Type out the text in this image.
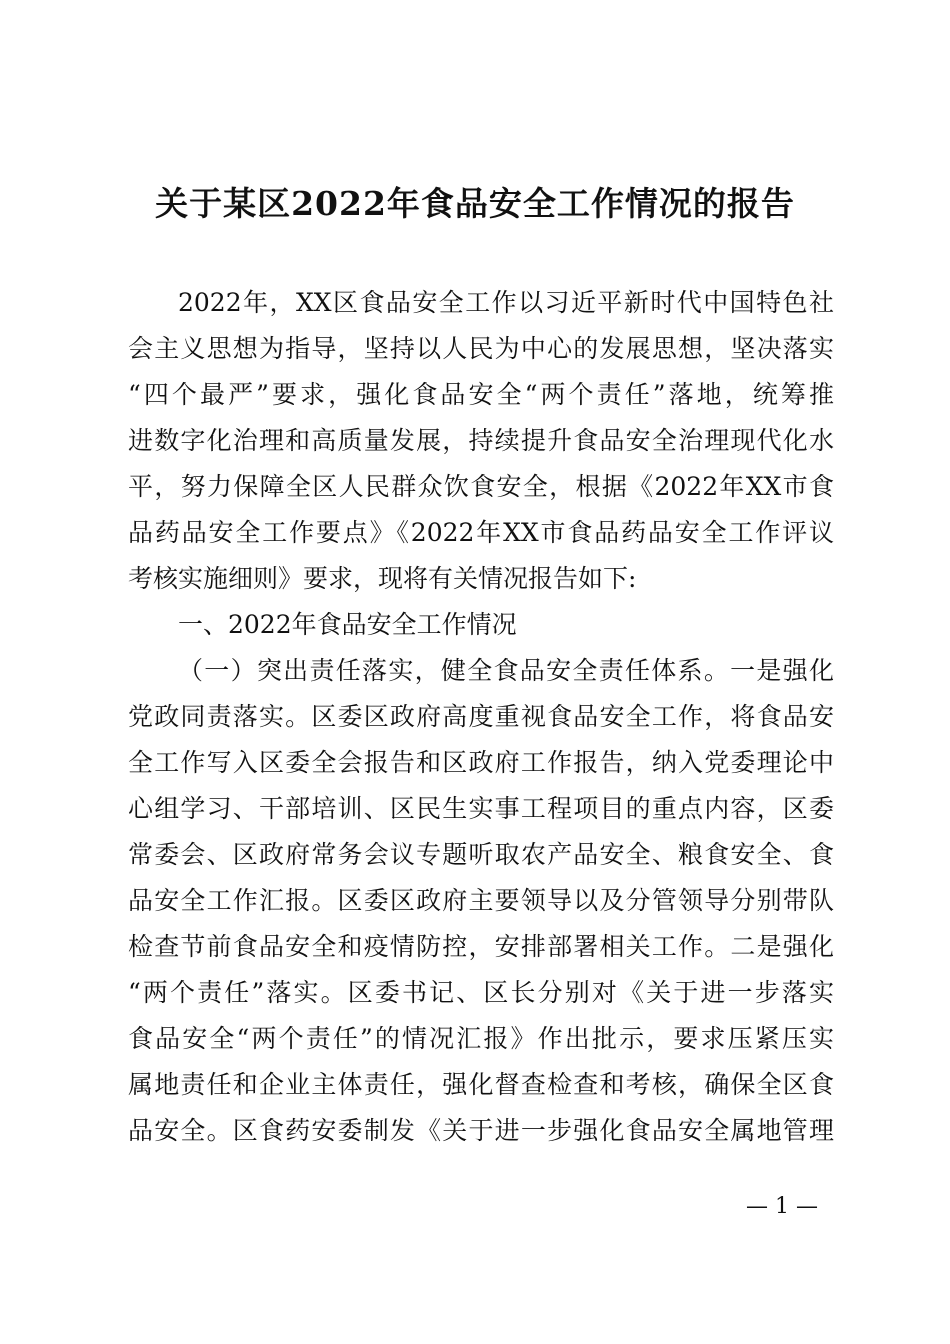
关于某区2022年食品安全工作情况的报告
2022年，XX区食品安全工作以习近平新时代中国特色社
会主义思想为指导，坚持以人民为中心的发展思想，坚决落实
“四个最严”要求，强化食品安全“两个责任”落地，统筹推
进数字化治理和高质量发展，持续提升食品安全治理现代化水
平，努力保障全区人民群众饮食安全，根据《2022年XX市食
品药品安全工作要点》《2022年XX市食品药品安全工作评议
考核实施细则》要求，现将有关情况报告如下:
一、2022年食品安全工作情况
（一）突出责任落实，健全食品安全责任体系。一是强化
党政同责落实。区委区政府高度重视食品安全工作，将食品安
全工作写入区委全会报告和区政府工作报告，纳入党委理论中
心组学习、干部培训、区民生实事工程项目的重点内容，区委
常委会、区政府常务会议专题听取农产品安全、粮食安全、食
品安全工作汇报。区委区政府主要领导以及分管领导分别带队
检查节前食品安全和疫情防控，安排部署相关工作。二是强化
“两个责任”落实。区委书记、区长分别对《关于进一步落实
食品安全“两个责任”的情况汇报》作出批示，要求压紧压实
属地责任和企业主体责任，强化督查检查和考核，确保全区食
品安全。区食药安委制发《关于进一步强化食品安全属地管理
— 1 —
